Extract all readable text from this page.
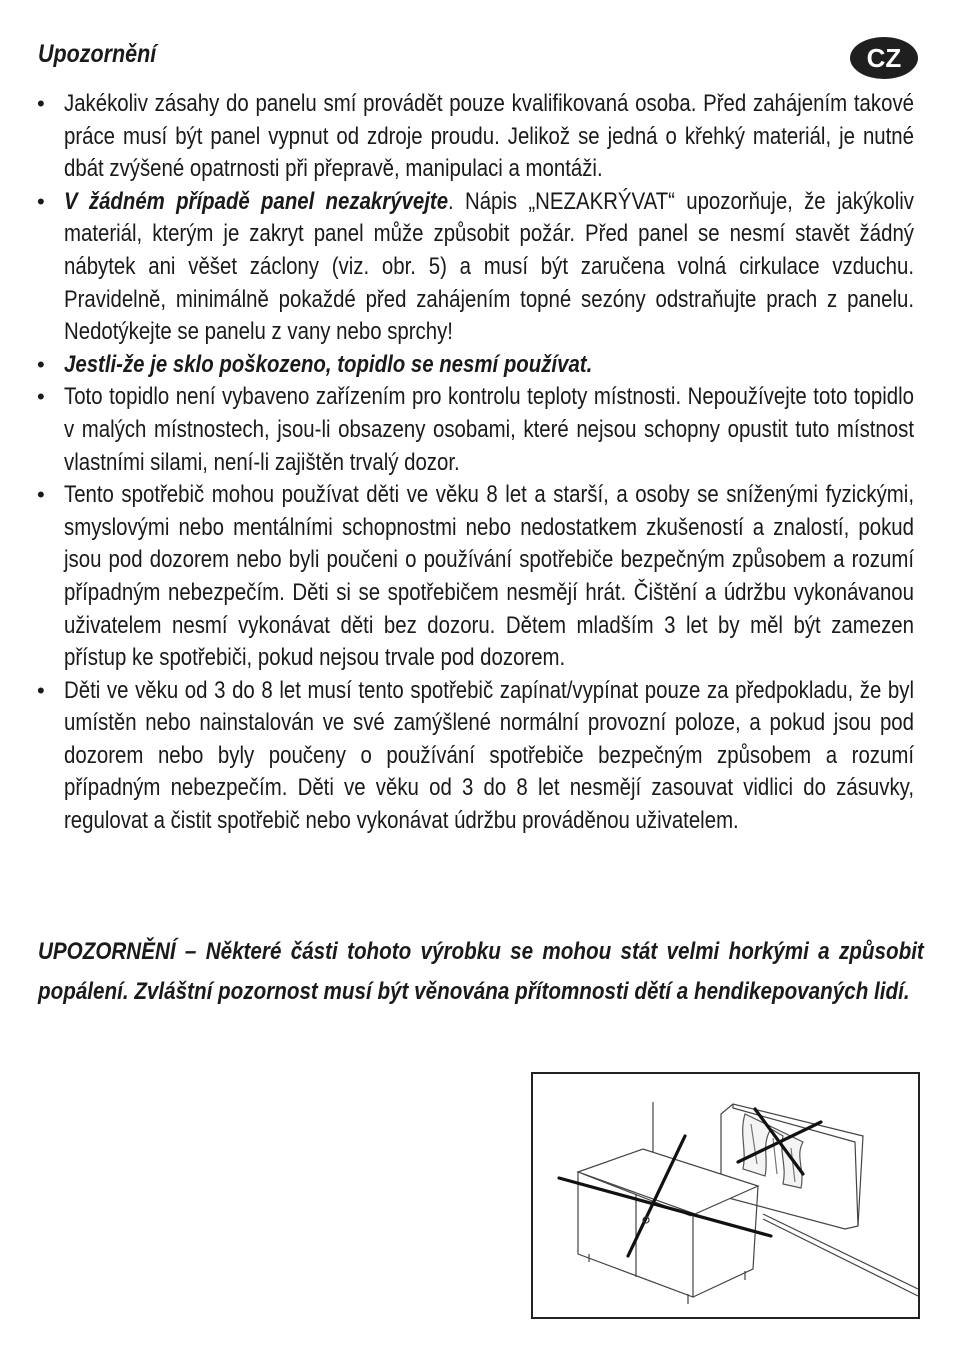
Upozornění	CZ
• Jakékoliv zásahy do panelu smí provádět pouze kvalifikovaná osoba. Před zahájením takové práce musí být panel vypnut od zdroje proudu. Jelikož se jedná o křehký materiál, je nutné dbát zvýšené opatrnosti při přepravě, manipulaci a montáži.
• V žádném případě panel nezakrývejte. Nápis „NEZAKRÝVAT“ upozorňuje, že jakýkoliv materiál, kterým je zakryt panel může způsobit požár. Před panel se nesmí stavět žádný nábytek ani věšet záclony (viz. obr. 5) a musí být zaručena volná cirkulace vzduchu. Pravidelně, minimálně pokaždé před zahájením topné sezóny odstraňujte prach z panelu. Nedotýkejte se panelu z vany nebo sprchy!
• Jestli-že je sklo poškozeno, topidlo se nesmí používat.
• Toto topidlo není vybaveno zařízením pro kontrolu teploty místnosti. Nepoužívejte toto topidlo v malých místnostech, jsou-li obsazeny osobami, které nejsou schopny opustit tuto místnost vlastními silami, není-li zajištěn trvalý dozor.
• Tento spotřebič mohou používat děti ve věku 8 let a starší, a osoby se sníženými fyzickými, smyslovými nebo mentálními schopnostmi nebo nedostatkem zkušeností a znalostí, pokud jsou pod dozorem nebo byli poučeni o používání spotřebiče bezpečným způsobem a rozumí případným nebezpečím. Děti si se spotřebičem nesmějí hrát. Čištění a údržbu vykonávanou uživatelem nesmí vykonávat děti bez dozoru. Dětem mladším 3 let by měl být zamezen přístup ke spotřebiči, pokud nejsou trvale pod dozorem.
• Děti ve věku od 3 do 8 let musí tento spotřebič zapínat/vypínat pouze za předpokladu, že byl umístěn nebo nainstalován ve své zamýšlené normální provozní poloze, a pokud jsou pod dozorem nebo byly poučeny o používání spotřebiče bezpečným způsobem a rozumí případným nebezpečím. Děti ve věku od 3 do 8 let nesmějí zasouvat vidlici do zásuvky, regulovat a čistit spotřebič nebo vykonávat údržbu prováděnou uživatelem.
UPOZORNĚNÍ – Některé části tohoto výrobku se mohou stát velmi horkými a způsobit popálení. Zvláštní pozornost musí být věnována přítomnosti dětí a hendikepovaných lidí.
